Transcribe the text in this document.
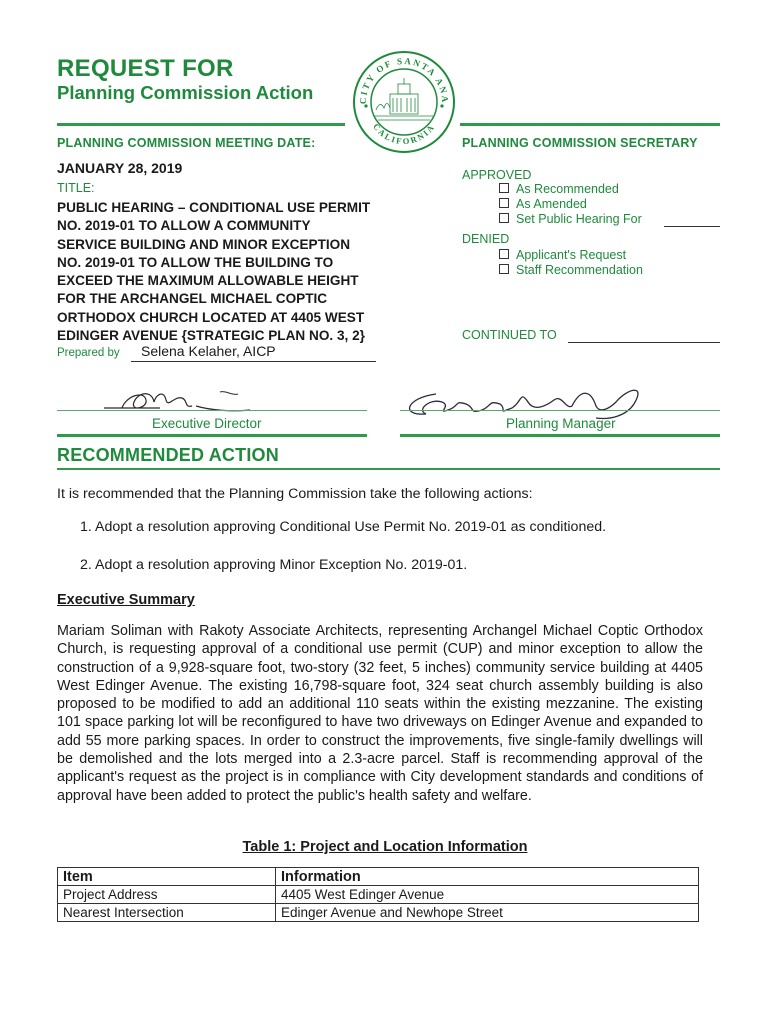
REQUEST FOR
Planning Commission Action	CITY OF SANTA ANA
CALIFORNIA
PLANNING COMMISSION MEETING DATE:
JANUARY 28, 2019
TITLE:
PUBLIC HEARING – CONDITIONAL USE PERMIT
NO. 2019-01 TO ALLOW A COMMUNITY
SERVICE BUILDING AND MINOR EXCEPTION
NO. 2019-01 TO ALLOW THE BUILDING TO
EXCEED THE MAXIMUM ALLOWABLE HEIGHT
FOR THE ARCHANGEL MICHAEL COPTIC
ORTHODOX CHURCH LOCATED AT 4405 WEST
EDINGER AVENUE {STRATEGIC PLAN NO. 3, 2}
Prepared by	Selena Kelaher, AICP
PLANNING COMMISSION SECRETARY
APPROVED
As Recommended
As Amended
Set Public Hearing For
DENIED
Applicant's Request
Staff Recommendation
CONTINUED TO
Executive Director	Planning Manager
RECOMMENDED ACTION
It is recommended that the Planning Commission take the following actions:
1. Adopt a resolution approving Conditional Use Permit No. 2019-01 as conditioned.
2. Adopt a resolution approving Minor Exception No. 2019-01.
Executive Summary
Mariam Soliman with Rakoty Associate Architects, representing Archangel Michael Coptic Orthodox Church, is requesting approval of a conditional use permit (CUP) and minor exception to allow the construction of a 9,928-square foot, two-story (32 feet, 5 inches) community service building at 4405 West Edinger Avenue. The existing 16,798-square foot, 324 seat church assembly building is also proposed to be modified to add an additional 110 seats within the existing mezzanine. The existing 101 space parking lot will be reconfigured to have two driveways on Edinger Avenue and expanded to add 55 more parking spaces. In order to construct the improvements, five single-family dwellings will be demolished and the lots merged into a 2.3-acre parcel. Staff is recommending approval of the applicant's request as the project is in compliance with City development standards and conditions of approval have been added to protect the public's health safety and welfare.
Table 1: Project and Location Information
Item	Information
Project Address	4405 West Edinger Avenue
Nearest Intersection	Edinger Avenue and Newhope Street
